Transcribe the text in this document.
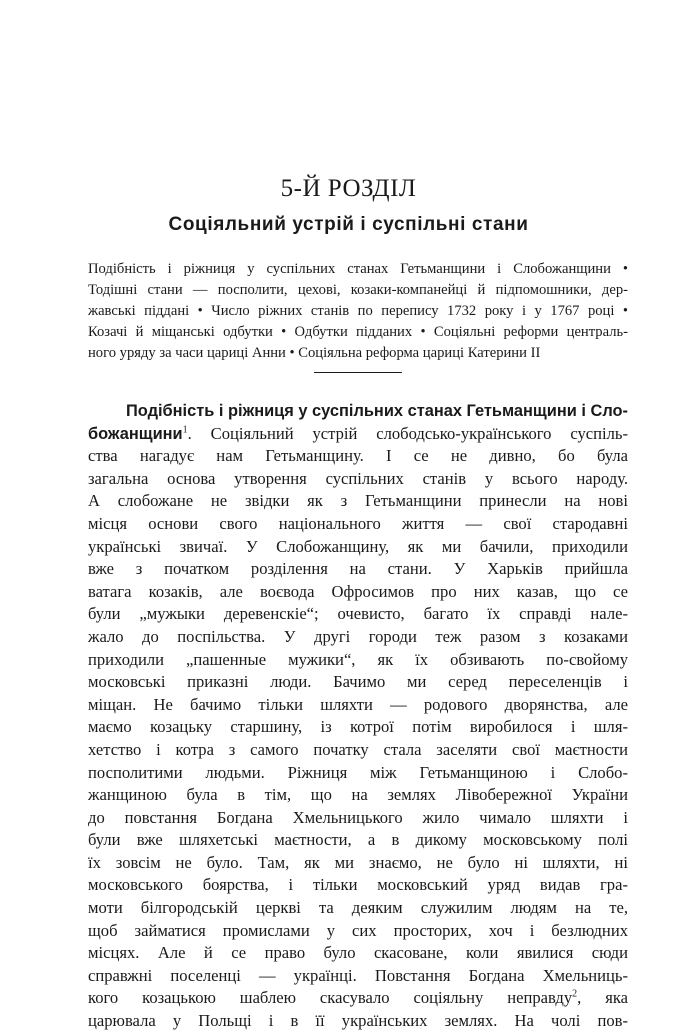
5-Й РОЗДІЛ
Соціяльний устрій і суспільні стани

Подібність і ріжниця у суспільних станах Гетьманщини і Слобожанщини •
Тодішні стани — посполити, цехові, козаки-компанейці й підпомошники, дер-
жавські піддані • Число ріжних станів по перепису 1732 року і у 1767 році •
Козачі й міщанські одбутки • Одбутки підданих • Соціяльні реформи централь-
ного уряду за часи цариці Анни • Соціяльна реформа цариці Катерини II

Подібність і ріжниця у суспільних станах Гетьманщини і Сло-
божанщини$^1$. Соціяльний устрій слободсько-українського суспіль-
ства нагадує нам Гетьманщину. І се не дивно, бо була
загальна основа утворення суспільних станів у всього народу.
А слобожане не звідки як з Гетьманщини принесли на нові
місця основи свого національного життя — свої стародавні
українські звичаї. У Слобожанщину, як ми бачили, приходили
вже з початком розділення на стани. У Харьків прийшла
ватага козаків, але воєвода Офросимов про них казав, що се
були „мужыки деревенскіе“; очевисто, багато їх справді нале-
жало до поспільства. У другі городи теж разом з козаками
приходили „пашенные мужики“, як їх обзивають по-свойому
московські приказні люди. Бачимо ми серед переселенців і
міщан. Не бачимо тільки шляхти — родового дворянства, але
маємо козацьку старшину, із котрої потім виробилося і шля-
хетство і котра з самого початку стала заселяти свої маєтности
посполитими людьми. Ріжниця між Гетьманщиною і Слобо-
жанщиною була в тім, що на землях Лівобережної України
до повстання Богдана Хмельницького жило чимало шляхти і
були вже шляхетські маєтности, а в дикому московському полі
їх зовсім не було. Там, як ми знаємо, не було ні шляхти, ні
московського боярства, і тільки московський уряд видав гра-
моти білгородській церкві та деяким служилим людям на те,
щоб займатися промислами у сих просторих, хоч і безлюдних
місцях. Але й се право було скасоване, коли явилися сюди
справжні поселенці — українці. Повстання Богдана Хмельниць-
кого козацькою шаблею скасувало соціяльну неправду$^2$, яка
царювала у Польщі і в її українських землях. На чолі пов-
